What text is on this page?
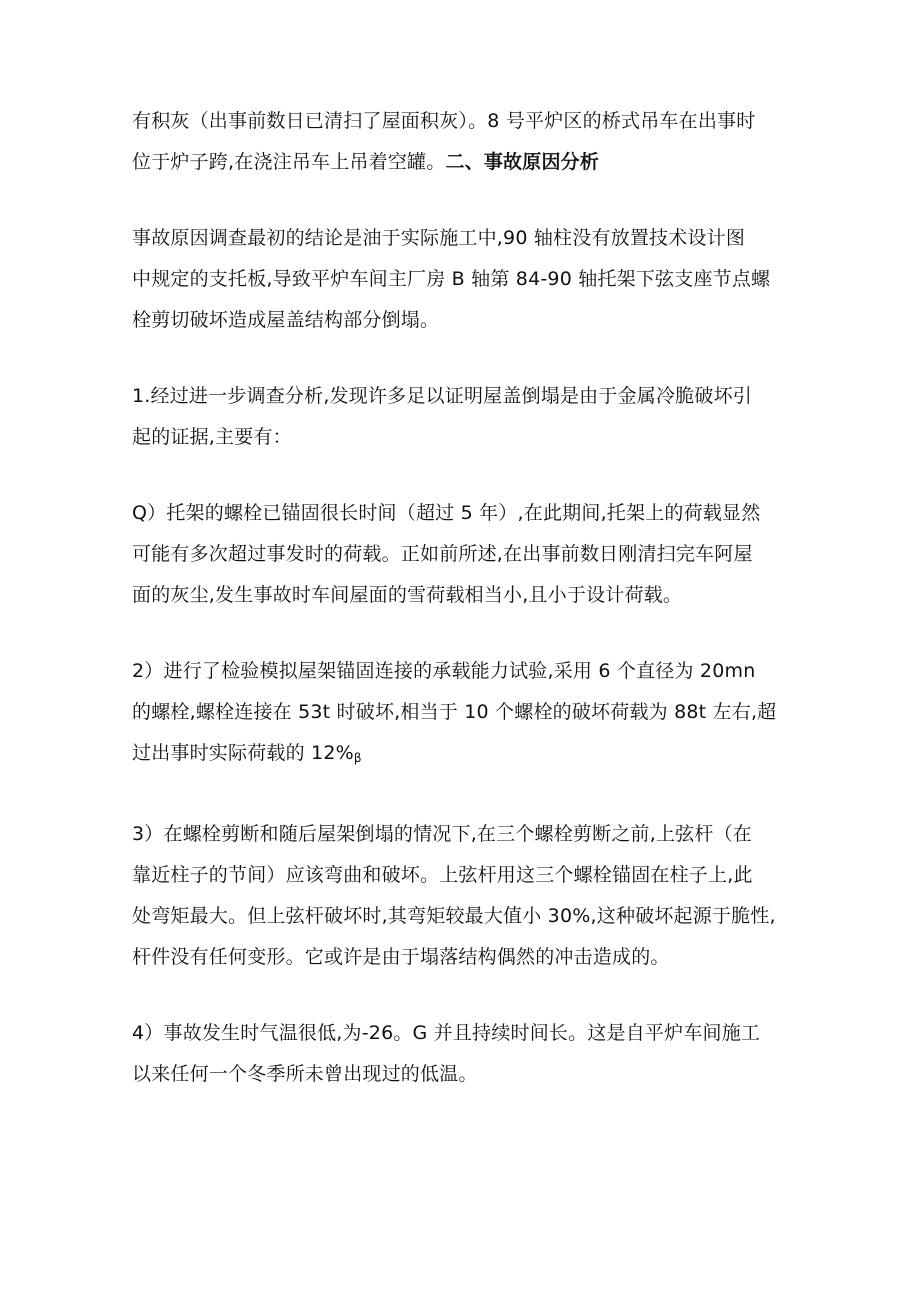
有积灰（出事前数日已清扫了屋面积灰）。8 号平炉区的桥式吊车在出事时
位于炉子跨,在浇注吊车上吊着空罐。二、事故原因分析

事故原因调查最初的结论是油于实际施工中,90 轴柱没有放置技术设计图
中规定的支托板,导致平炉车间主厂房 B 轴第 84-90 轴托架下弦支座节点螺
栓剪切破坏造成屋盖结构部分倒塌。

1.经过进一步调查分析,发现许多足以证明屋盖倒塌是由于金属冷脆破坏引
起的证据,主要有：

Q）托架的螺栓已锚固很长时间（超过 5 年）,在此期间,托架上的荷载显然
可能有多次超过事发时的荷载。正如前所述,在出事前数日刚清扫完车阿屋
面的灰尘,发生事故时车间屋面的雪荷载相当小,且小于设计荷载。

2）进行了检验模拟屋架锚固连接的承载能力试验,采用 6 个直径为 20mn
的螺栓,螺栓连接在 53t 时破坏,相当于 10 个螺栓的破坏荷载为 88t 左右,超
过出事时实际荷载的 $12\%_\beta$

3）在螺栓剪断和随后屋架倒塌的情况下,在三个螺栓剪断之前,上弦杆（在
靠近柱子的节间）应该弯曲和破坏。上弦杆用这三个螺栓锚固在柱子上,此
处弯矩最大。但上弦杆破坏时,其弯矩较最大值小 30%,这种破坏起源于脆性,
杆件没有任何变形。它或许是由于塌落结构偶然的冲击造成的。

4）事故发生时气温很低,为-26。G 并且持续时间长。这是自平炉车间施工
以来任何一个冬季所未曾出现过的低温。
